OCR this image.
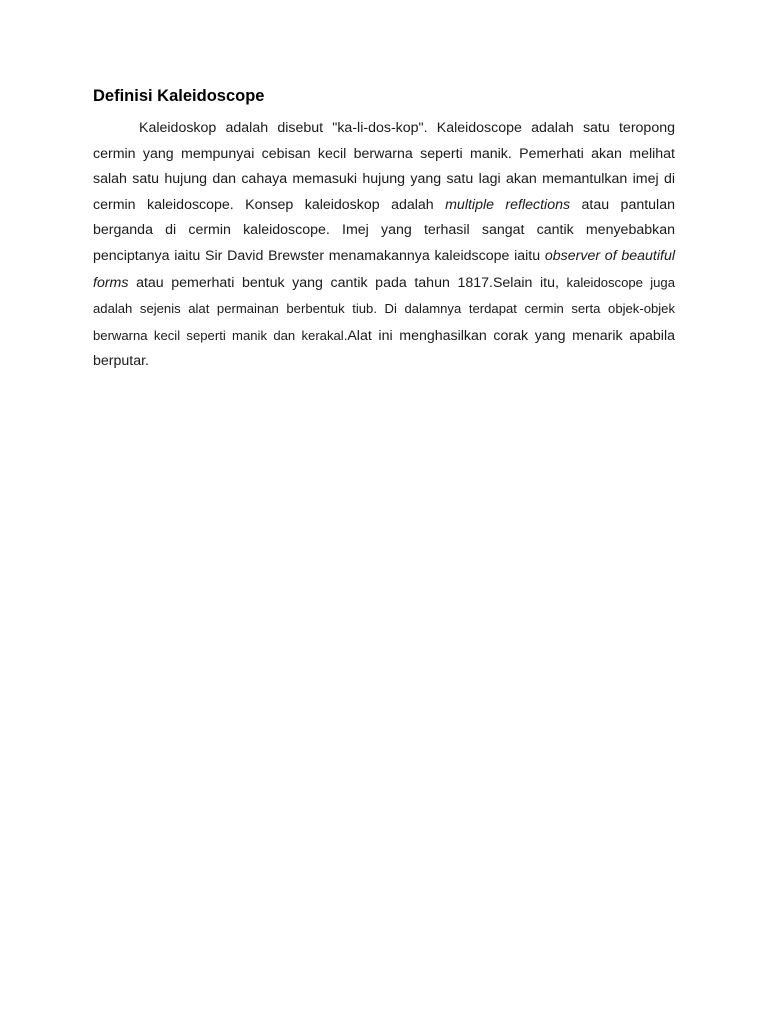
Definisi Kaleidoscope

Kaleidoskop adalah disebut "ka-li-dos-kop". Kaleidoscope adalah satu teropong cermin yang mempunyai cebisan kecil berwarna seperti manik. Pemerhati akan melihat salah satu hujung dan cahaya memasuki hujung yang satu lagi akan memantulkan imej di cermin kaleidoscope. Konsep kaleidoskop adalah multiple reflections atau pantulan berganda di cermin kaleidoscope. Imej yang terhasil sangat cantik menyebabkan penciptanya iaitu Sir David Brewster menamakannya kaleidscope iaitu observer of beautiful forms atau pemerhati bentuk yang cantik pada tahun 1817.Selain itu, kaleidoscope juga adalah sejenis alat permainan berbentuk tiub. Di dalamnya terdapat cermin serta objek-objek berwarna kecil seperti manik dan kerakal.Alat ini menghasilkan corak yang menarik apabila berputar.
